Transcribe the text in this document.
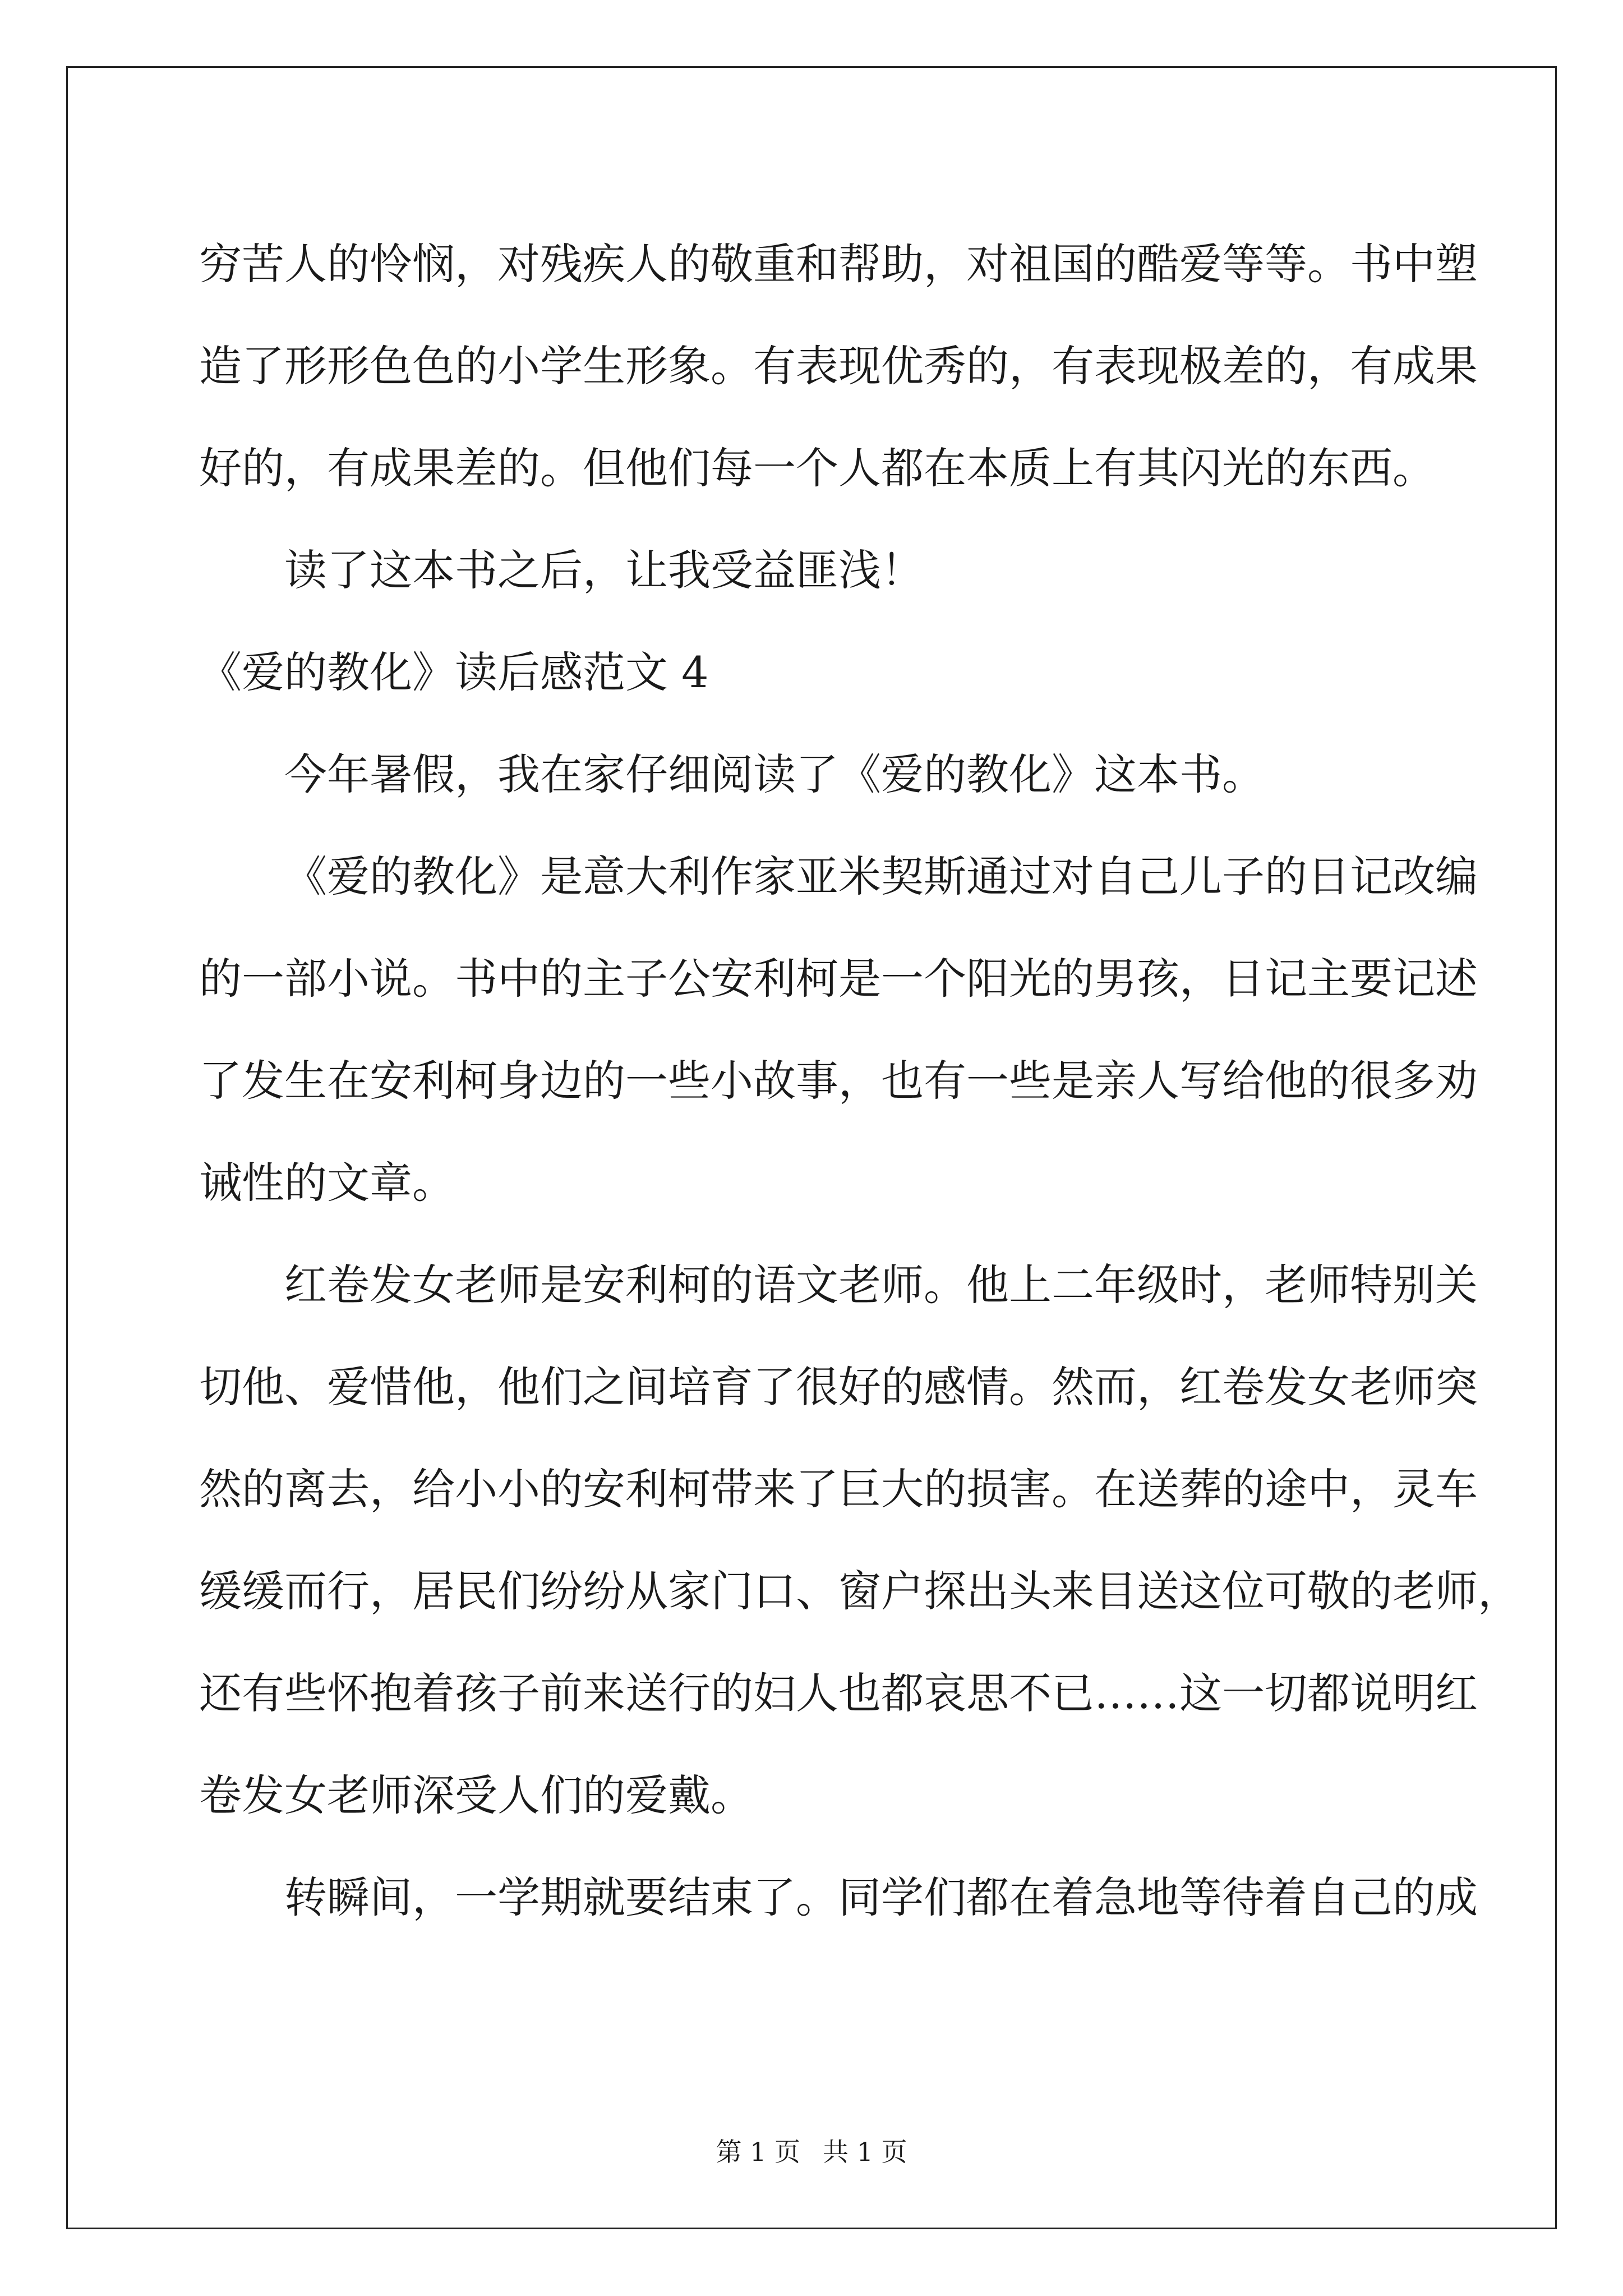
穷苦人的怜悯，对残疾人的敬重和帮助，对祖国的酷爱等等。书中塑
造了形形色色的小学生形象。有表现优秀的，有表现极差的，有成果
好的，有成果差的。但他们每一个人都在本质上有其闪光的东西。
读了这本书之后，让我受益匪浅！
《爱的教化》读后感范文 4
今年暑假，我在家仔细阅读了《爱的教化》这本书。
《爱的教化》是意大利作家亚米契斯通过对自己儿子的日记改编
的一部小说。书中的主子公安利柯是一个阳光的男孩，日记主要记述
了发生在安利柯身边的一些小故事，也有一些是亲人写给他的很多劝
诫性的文章。
红卷发女老师是安利柯的语文老师。他上二年级时，老师特别关
切他、爱惜他，他们之间培育了很好的感情。然而，红卷发女老师突
然的离去，给小小的安利柯带来了巨大的损害。在送葬的途中，灵车
缓缓而行，居民们纷纷从家门口、窗户探出头来目送这位可敬的老师，
还有些怀抱着孩子前来送行的妇人也都哀思不已……这一切都说明红
卷发女老师深受人们的爱戴。
转瞬间，一学期就要结束了。同学们都在着急地等待着自己的成
第 1 页 共 1 页
